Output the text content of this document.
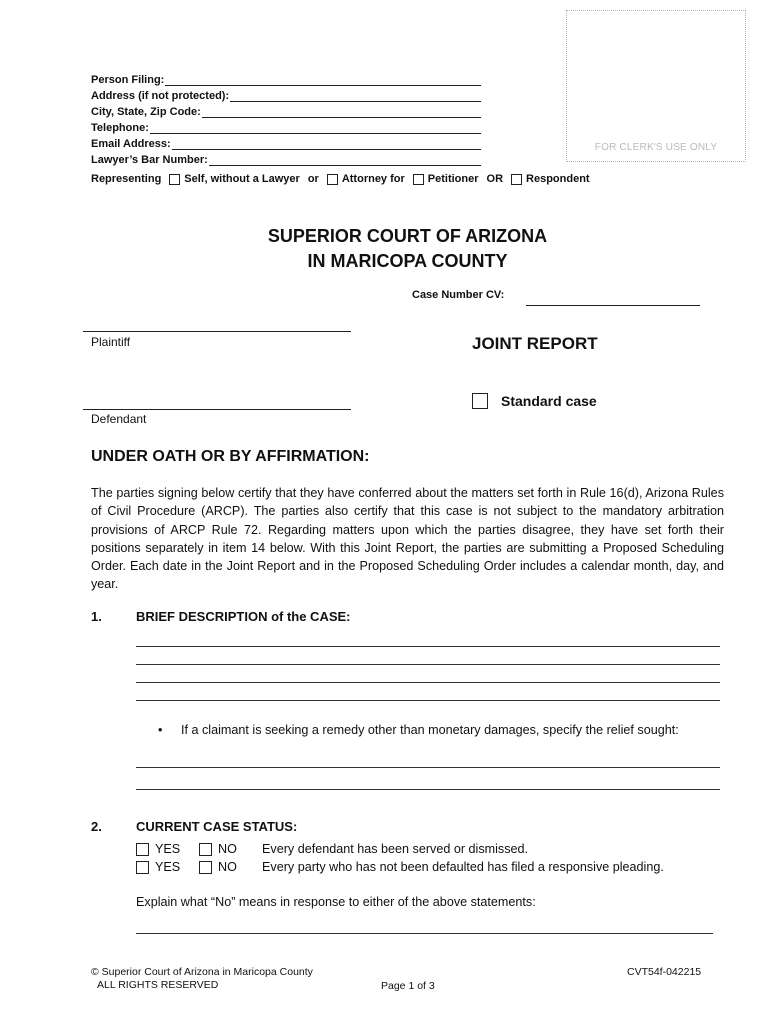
FOR CLERK'S USE ONLY
Person Filing:
Address (if not protected):
City, State, Zip Code:
Telephone:
Email Address:
Lawyer’s Bar Number:
Representing Self, without a Lawyer or Attorney for Petitioner OR Respondent
SUPERIOR COURT OF ARIZONA
IN MARICOPA COUNTY
Case Number CV:
Plaintiff
Defendant
JOINT REPORT
Standard case
UNDER OATH OR BY AFFIRMATION:
The parties signing below certify that they have conferred about the matters set forth in Rule 16(d), Arizona Rules of Civil Procedure (ARCP). The parties also certify that this case is not subject to the mandatory arbitration provisions of ARCP Rule 72. Regarding matters upon which the parties disagree, they have set forth their positions separately in item 14 below. With this Joint Report, the parties are submitting a Proposed Scheduling Order. Each date in the Joint Report and in the Proposed Scheduling Order includes a calendar month, day, and year.
1.	BRIEF DESCRIPTION of the CASE:
• If a claimant is seeking a remedy other than monetary damages, specify the relief sought:
2.	CURRENT CASE STATUS:
YES	NO	Every defendant has been served or dismissed.
YES	NO	Every party who has not been defaulted has filed a responsive pleading.
Explain what “No” means in response to either of the above statements:
© Superior Court of Arizona in Maricopa County
ALL RIGHTS RESERVED	Page 1 of 3
CVT54f-042215
